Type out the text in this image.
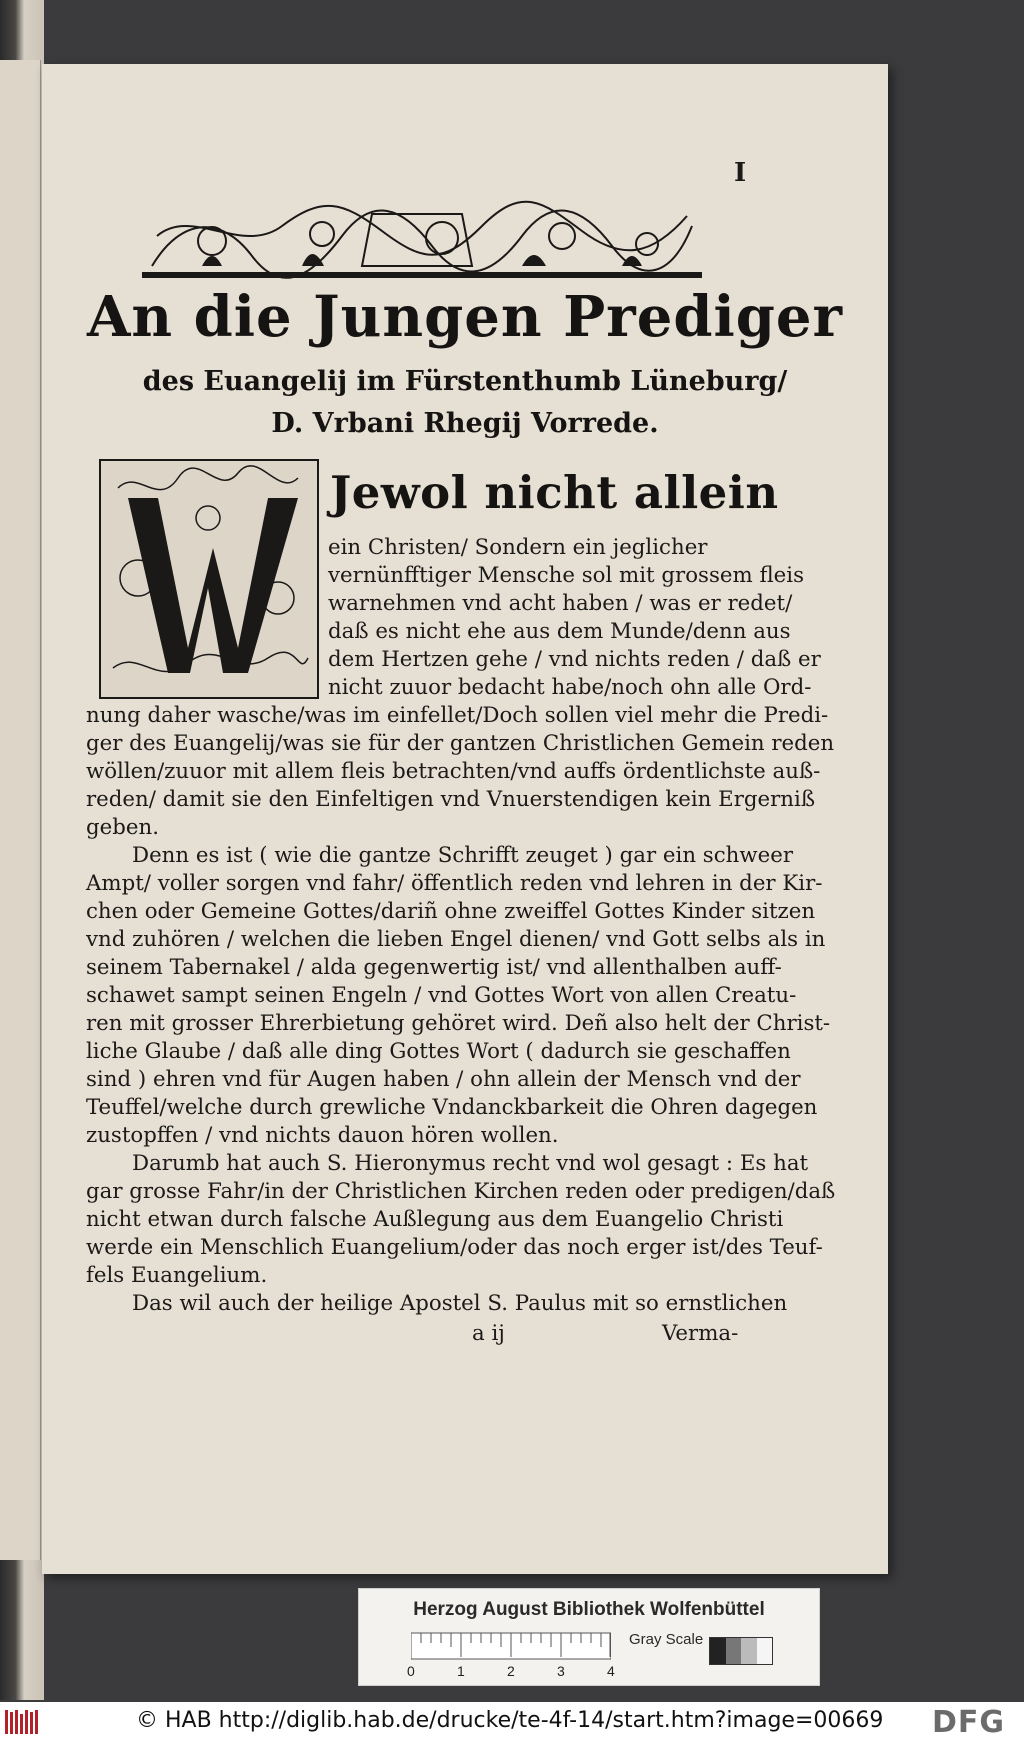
I
An die Jungen Prediger
des Euangelij im Fürstenthumb Lüneburg/
D. Vrbani Rhegij Vorrede.
Jewol nicht allein
ein Christen/ Sondern ein jeglicher
vernünfftiger Mensche sol mit grossem fleis
warnehmen vnd acht haben / was er redet/
daß es nicht ehe aus dem Munde/denn aus
dem Hertzen gehe / vnd nichts reden / daß er
nicht zuuor bedacht habe/noch ohn alle Ord-
nung daher wasche/was im einfellet/Doch sollen viel mehr die Predi-
ger des Euangelij/was sie für der gantzen Christlichen Gemein reden
wöllen/zuuor mit allem fleis betrachten/vnd auffs ördentlichste auß-
reden/ damit sie den Einfeltigen vnd Vnuerstendigen kein Ergerniß
geben.
Denn es ist ( wie die gantze Schrifft zeuget ) gar ein schweer
Ampt/ voller sorgen vnd fahr/ öffentlich reden vnd lehren in der Kir-
chen oder Gemeine Gottes/dariñ ohne zweiffel Gottes Kinder sitzen
vnd zuhören / welchen die lieben Engel dienen/ vnd Gott selbs als in
seinem Tabernakel / alda gegenwertig ist/ vnd allenthalben auff-
schawet sampt seinen Engeln / vnd Gottes Wort von allen Creatu-
ren mit grosser Ehrerbietung gehöret wird. Deñ also helt der Christ-
liche Glaube / daß alle ding Gottes Wort ( dadurch sie geschaffen
sind ) ehren vnd für Augen haben / ohn allein der Mensch vnd der
Teuffel/welche durch grewliche Vndanckbarkeit die Ohren dagegen
zustopffen / vnd nichts dauon hören wollen.
Darumb hat auch S. Hieronymus recht vnd wol gesagt : Es hat
gar grosse Fahr/in der Christlichen Kirchen reden oder predigen/daß
nicht etwan durch falsche Außlegung aus dem Euangelio Christi
werde ein Menschlich Euangelium/oder das noch erger ist/des Teuf-
fels Euangelium.
Das wil auch der heilige Apostel S. Paulus mit so ernstlichen
a ij	Verma-
Herzog August Bibliothek Wolfenbüttel
0	1	2	3	4
Gray Scale
© HAB http://diglib.hab.de/drucke/te-4f-14/start.htm?image=00669 DFG
